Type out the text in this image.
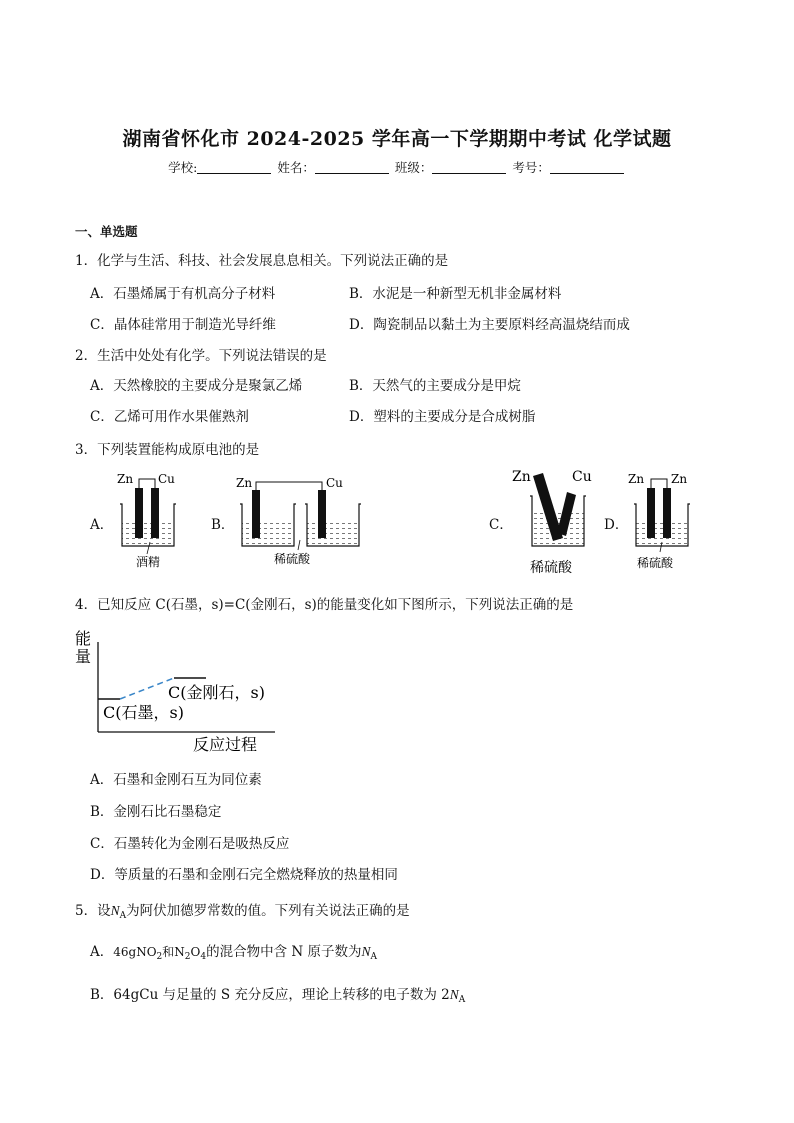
湖南省怀化市 2024-2025 学年高一下学期期中考试 化学试题
学校:	姓名：	班级：	考号：
一、单选题
1．化学与生活、科技、社会发展息息相关。下列说法正确的是
A．石墨烯属于有机高分子材料	B．水泥是一种新型无机非金属材料
C．晶体硅常用于制造光导纤维	D．陶瓷制品以黏土为主要原料经高温烧结而成
2．生活中处处有化学。下列说法错误的是
A．天然橡胶的主要成分是聚氯乙烯	B．天然气的主要成分是甲烷
C．乙烯可用作水果催熟剂	D．塑料的主要成分是合成树脂
3．下列装置能构成原电池的是
A．	B．	C．	D．
Zn Cu
酒精
Zn	Cu
稀硫酸
Zn	Cu
稀硫酸
Zn Zn
稀硫酸
4．已知反应 C(石墨，s)=C(金刚石，s)的能量变化如下图所示，下列说法正确的是
能
量
C(金刚石，s)
C(石墨，s)
反应过程
A．石墨和金刚石互为同位素
B．金刚石比石墨稳定
C．石墨转化为金刚石是吸热反应
D．等质量的石墨和金刚石完全燃烧释放的热量相同
5．设$N_A$为阿伏加德罗常数的值。下列有关说法正确的是
A．46gNO$_2$和$N_2O_4$的混合物中含 N 原子数为$N_A$
B．64gCu 与足量的 S 充分反应，理论上转移的电子数为 $2N_A$
